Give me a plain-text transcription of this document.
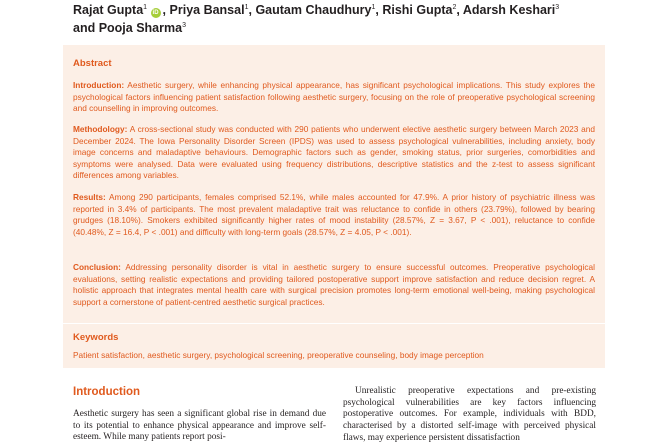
Rajat Gupta$^1$ iD , Priya Bansal$^1$, Gautam Chaudhury$^1$, Rishi Gupta$^2$, Adarsh Keshari$^3$
and Pooja Sharma$^3$
Abstract

Introduction: Aesthetic surgery, while enhancing physical appearance, has significant psychological implications. This study explores the psychological factors influencing patient satisfaction following aesthetic surgery, focusing on the role of preoperative psychological screening and counselling in improving outcomes.

Methodology: A cross-sectional study was conducted with 290 patients who underwent elective aesthetic surgery between March 2023 and December 2024. The Iowa Personality Disorder Screen (IPDS) was used to assess psychological vulnerabilities, including anxiety, body image concerns and maladaptive behaviours. Demographic factors such as gender, smoking status, prior surgeries, comorbidities and symptoms were analysed. Data were evaluated using frequency distributions, descriptive statistics and the z-test to assess significant differences among variables.

Results: Among 290 participants, females comprised 52.1%, while males accounted for 47.9%. A prior history of psychiatric illness was reported in 3.4% of participants. The most prevalent maladaptive trait was reluctance to confide in others (23.79%), followed by bearing grudges (18.10%). Smokers exhibited significantly higher rates of mood instability (28.57%, Z = 3.67, P < .001), reluctance to confide (40.48%, Z = 16.4, P < .001) and difficulty with long-term goals (28.57%, Z = 4.05, P < .001).

Conclusion: Addressing personality disorder is vital in aesthetic surgery to ensure successful outcomes. Preoperative psychological evaluations, setting realistic expectations and providing tailored postoperative support improve satisfaction and reduce decision regret. A holistic approach that integrates mental health care with surgical precision promotes long-term emotional well-being, making psychological support a cornerstone of patient-centred aesthetic surgical practices.

Keywords

Patient satisfaction, aesthetic surgery, psychological screening, preoperative counseling, body image perception

Introduction

Aesthetic surgery has seen a significant global rise in demand due to its potential to enhance physical appearance and improve self-esteem. While many patients report posi-

Unrealistic preoperative expectations and pre-existing psychological vulnerabilities are key factors influencing postoperative outcomes. For example, individuals with BDD, characterised by a distorted self-image with perceived physical flaws, may experience persistent dissatisfaction
